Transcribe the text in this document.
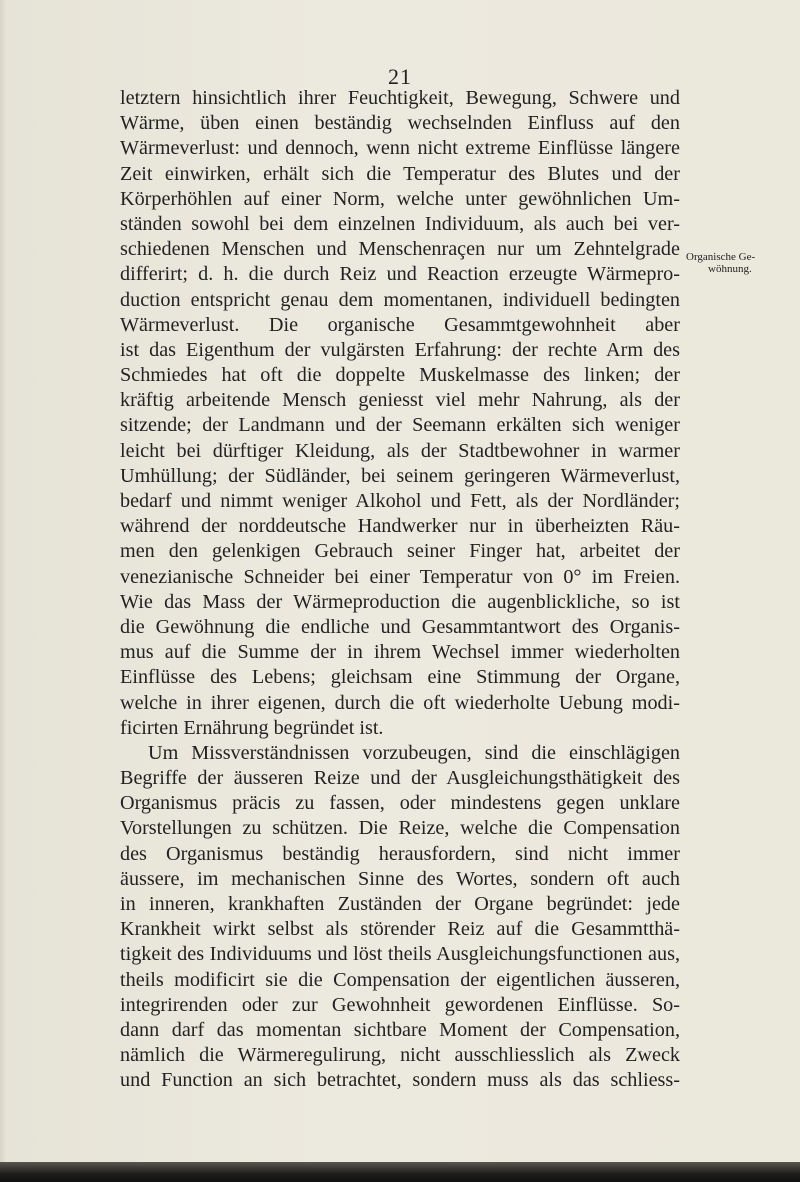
21
letztern hinsichtlich ihrer Feuchtigkeit, Bewegung, Schwere und
Wärme, üben einen beständig wechselnden Einfluss auf den
Wärmeverlust: und dennoch, wenn nicht extreme Einflüsse längere
Zeit einwirken, erhält sich die Temperatur des Blutes und der
Körperhöhlen auf einer Norm, welche unter gewöhnlichen Um-
ständen sowohl bei dem einzelnen Individuum, als auch bei ver-
schiedenen Menschen und Menschenraçen nur um Zehntelgrade
differirt; d. h. die durch Reiz und Reaction erzeugte Wärmepro-
duction entspricht genau dem momentanen, individuell bedingten
Wärmeverlust. Die organische Gesammtgewohnheit aber
ist das Eigenthum der vulgärsten Erfahrung: der rechte Arm des
Schmiedes hat oft die doppelte Muskelmasse des linken; der
kräftig arbeitende Mensch geniesst viel mehr Nahrung, als der
sitzende; der Landmann und der Seemann erkälten sich weniger
leicht bei dürftiger Kleidung, als der Stadtbewohner in warmer
Umhüllung; der Südländer, bei seinem geringeren Wärmeverlust,
bedarf und nimmt weniger Alkohol und Fett, als der Nordländer;
während der norddeutsche Handwerker nur in überheizten Räu-
men den gelenkigen Gebrauch seiner Finger hat, arbeitet der
venezianische Schneider bei einer Temperatur von 0° im Freien.
Wie das Mass der Wärmeproduction die augenblickliche, so ist
die Gewöhnung die endliche und Gesammtantwort des Organis-
mus auf die Summe der in ihrem Wechsel immer wiederholten
Einflüsse des Lebens; gleichsam eine Stimmung der Organe,
welche in ihrer eigenen, durch die oft wiederholte Uebung modi-
ficirten Ernährung begründet ist.
Um Missverständnissen vorzubeugen, sind die einschlägigen
Begriffe der äusseren Reize und der Ausgleichungsthätigkeit des
Organismus präcis zu fassen, oder mindestens gegen unklare
Vorstellungen zu schützen. Die Reize, welche die Compensation
des Organismus beständig herausfordern, sind nicht immer
äussere, im mechanischen Sinne des Wortes, sondern oft auch
in inneren, krankhaften Zuständen der Organe begründet: jede
Krankheit wirkt selbst als störender Reiz auf die Gesammtthä-
tigkeit des Individuums und löst theils Ausgleichungsfunctionen aus,
theils modificirt sie die Compensation der eigentlichen äusseren,
integrirenden oder zur Gewohnheit gewordenen Einflüsse. So-
dann darf das momentan sichtbare Moment der Compensation,
nämlich die Wärmeregulirung, nicht ausschliesslich als Zweck
und Function an sich betrachtet, sondern muss als das schliess-
Organische Ge-
wöhnung.
